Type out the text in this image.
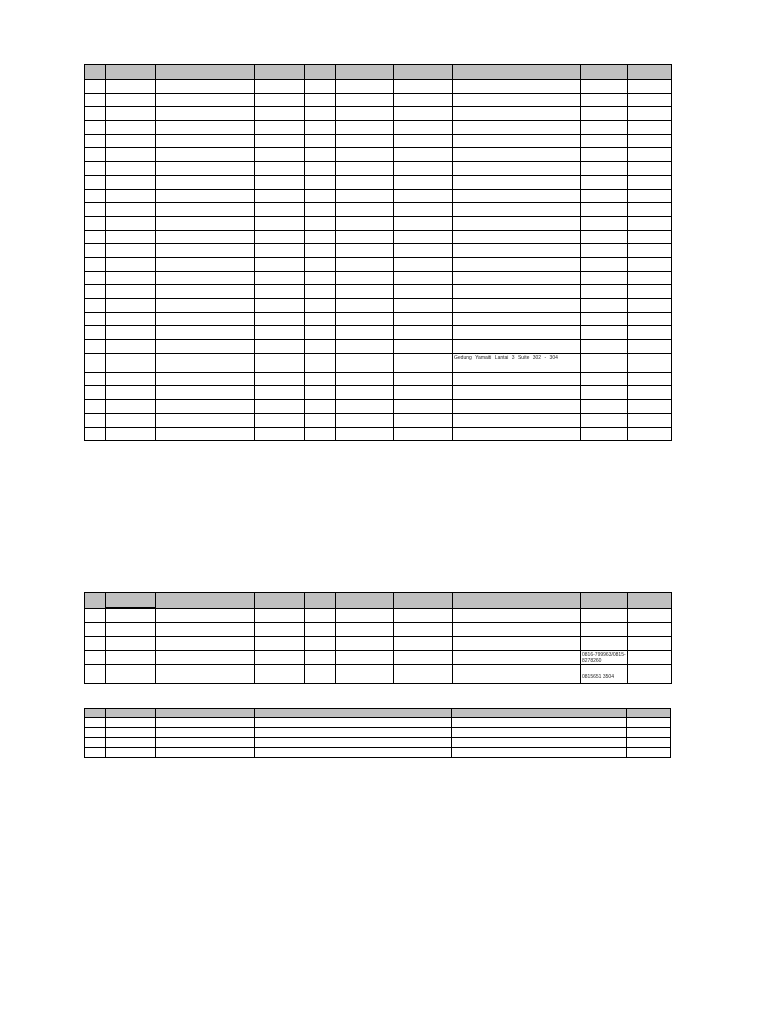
							Gedung Yamaiti Lantai 3 Suite 302 - 304		

								0816-799963/0815-8278260	

								0815651 3504	
